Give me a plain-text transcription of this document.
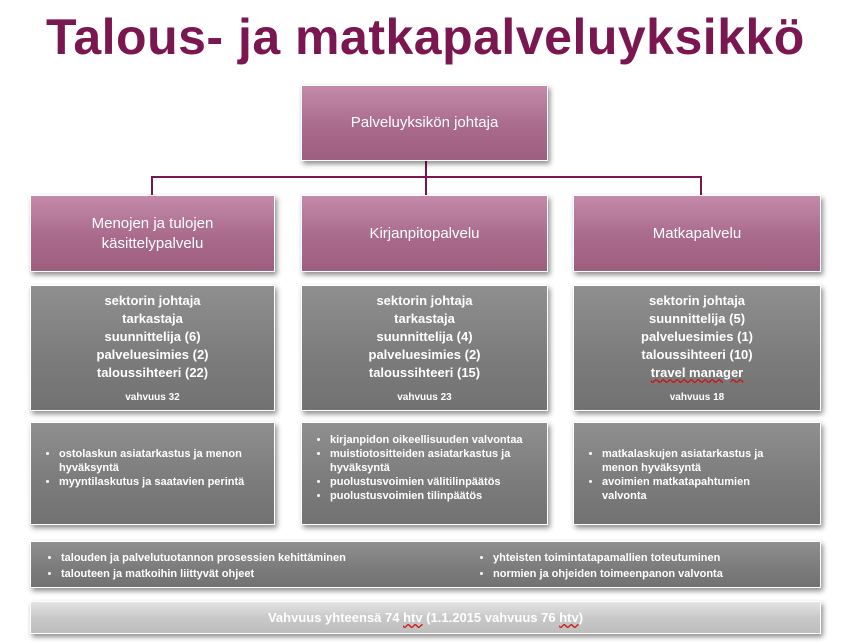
Talous- ja matkapalveluyksikkö
Palveluyksikön johtaja
Menojen ja tulojen käsittelypalvelu
Kirjanpitopalvelu	Matkapalvelu
sektorin johtaja
tarkastaja
suunnittelija (6)
palveluesimies (2)
taloussihteeri (22)
vahvuus 32
sektorin johtaja
tarkastaja
suunnittelija (4)
palveluesimies (2)
taloussihteeri (15)
vahvuus 23
sektorin johtaja
suunnittelija (5)
palveluesimies (1)
taloussihteeri (10)
travel manager
vahvuus 18
• ostolaskun asiatarkastus ja menon hyväksyntä
• myyntilaskutus ja saatavien perintä
• kirjanpidon oikeellisuuden valvontaa
• muistiotositteiden asiatarkastus ja hyväksyntä
• puolustusvoimien välitilinpäätös
• puolustusvoimien tilinpäätös
• matkalaskujen asiatarkastus ja menon hyväksyntä
• avoimien matkatapahtumien valvonta
• talouden ja palvelutuotannon prosessien kehittäminen
• talouteen ja matkoihin liittyvät ohjeet
• yhteisten toimintatapamallien toteutuminen
• normien ja ohjeiden toimeenpanon valvonta
Vahvuus yhteensä 74 htv (1.1.2015 vahvuus 76 htv)
